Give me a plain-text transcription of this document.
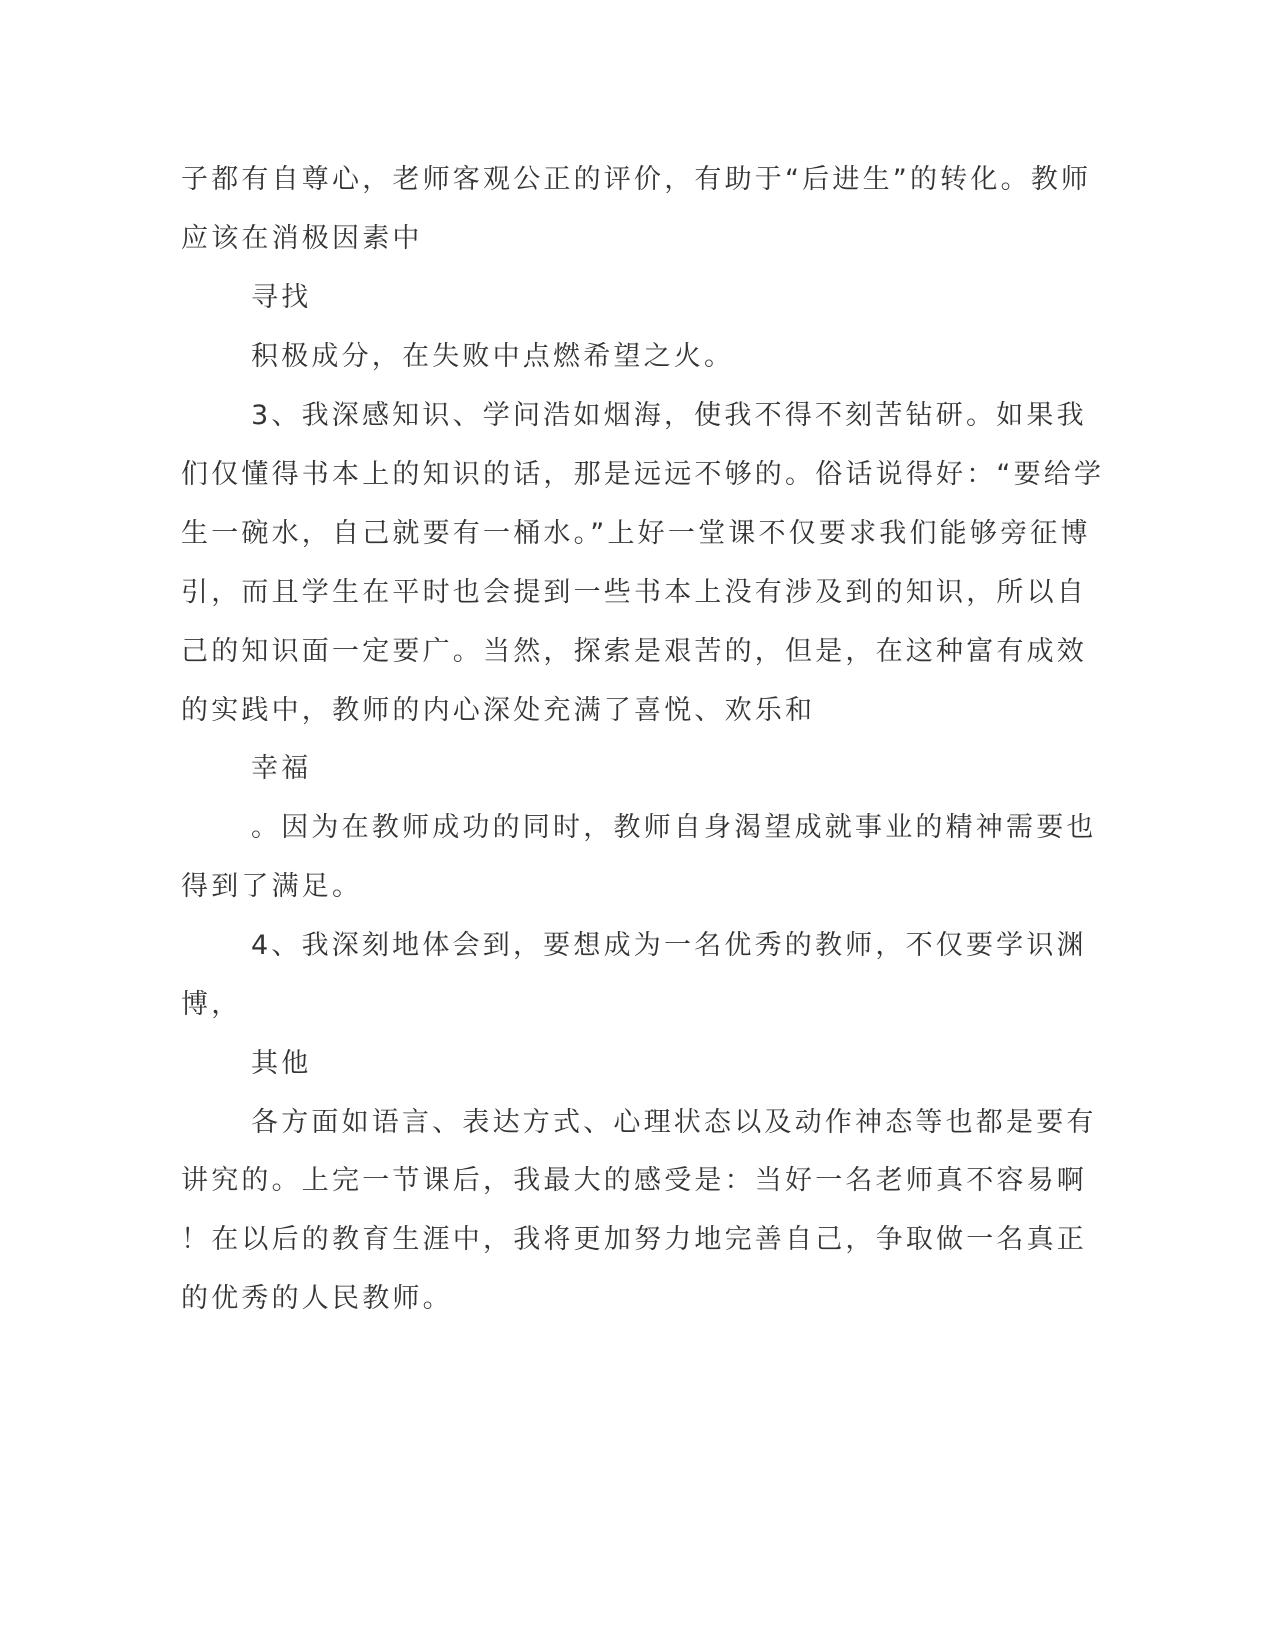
子都有自尊心，老师客观公正的评价，有助于“后进生”的转化。教师

应该在消极因素中

寻找

积极成分，在失败中点燃希望之火。

3、我深感知识、学问浩如烟海，使我不得不刻苦钻研。如果我

们仅懂得书本上的知识的话，那是远远不够的。俗话说得好：“要给学

生一碗水，自己就要有一桶水。”上好一堂课不仅要求我们能够旁征博

引，而且学生在平时也会提到一些书本上没有涉及到的知识，所以自

己的知识面一定要广。当然，探索是艰苦的，但是，在这种富有成效

的实践中，教师的内心深处充满了喜悦、欢乐和

幸福

。因为在教师成功的同时，教师自身渴望成就事业的精神需要也

得到了满足。

4、我深刻地体会到，要想成为一名优秀的教师，不仅要学识渊

博，

其他

各方面如语言、表达方式、心理状态以及动作神态等也都是要有

讲究的。上完一节课后，我最大的感受是：当好一名老师真不容易啊

！在以后的教育生涯中，我将更加努力地完善自己，争取做一名真正

的优秀的人民教师。
